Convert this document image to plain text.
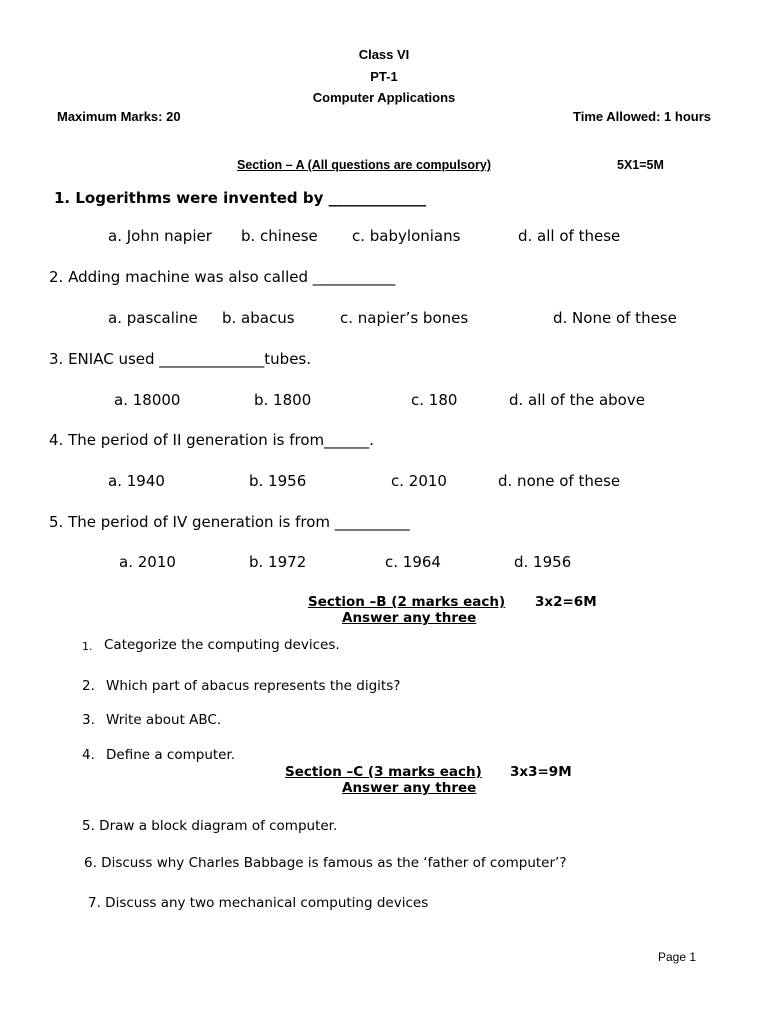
Class VI
PT-1
Computer Applications
Maximum Marks: 20	Time Allowed: 1 hours
Section – A (All questions are compulsory)	5X1=5M
1. Logerithms were invented by _____________
a. John napier b. chinese c. babylonians	d. all of these
2. Adding machine was also called ___________
a. pascaline b. abacus	c. napier’s bones	d. None of these
3. ENIAC used ______________tubes.
a. 18000	b. 1800	c. 180	d. all of the above
4. The period of II generation is from______.
a. 1940	b. 1956	c. 2010	d. none of these
5. The period of IV generation is from __________
a. 2010	b. 1972	c. 1964	d. 1956
Section –B (2 marks each) 3x2=6M
Answer any three
1. Categorize the computing devices.
2. Which part of abacus represents the digits?
3. Write about ABC.
4. Define a computer.
Section –C (3 marks each) 3x3=9M
Answer any three
5. Draw a block diagram of computer.
6. Discuss why Charles Babbage is famous as the ‘father of computer’?
7. Discuss any two mechanical computing devices
Page 1
